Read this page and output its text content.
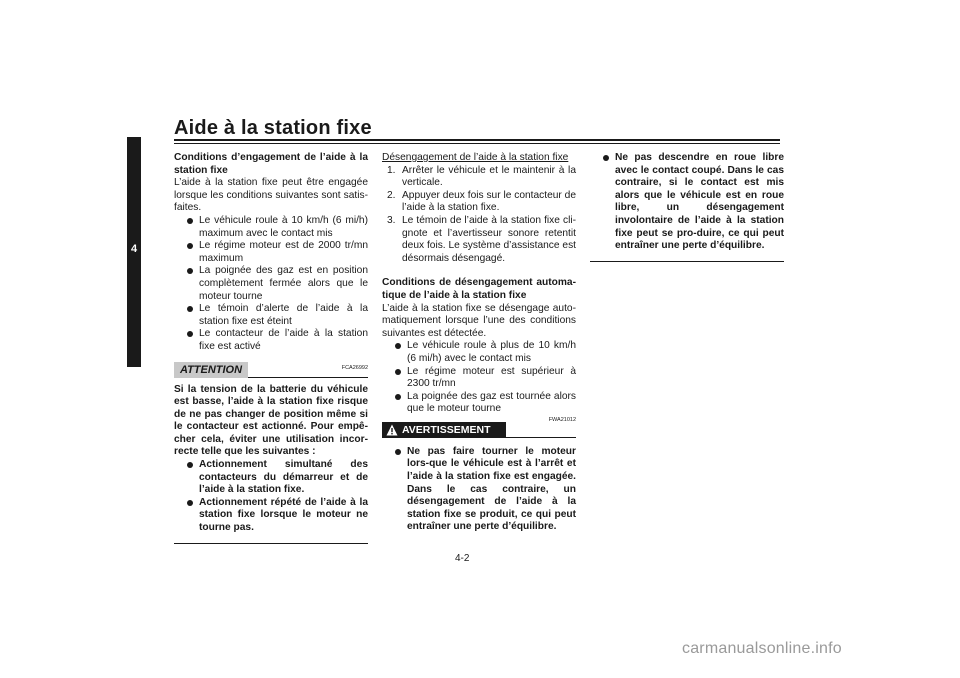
Aide à la station fixe
4

Conditions d’engagement de l’aide à la station fixe

L’aide à la station fixe peut être engagée lorsque les conditions suivantes sont satis-faites.

Le véhicule roule à 10 km/h (6 mi/h) maximum avec le contact mis
Le régime moteur est de 2000 tr/mn maximum
La poignée des gaz est en position complètement fermée alors que le moteur tourne
Le témoin d’alerte de l’aide à la station fixe est éteint
Le contacteur de l’aide à la station fixe est activé
ATTENTION	FCA26992

Si la tension de la batterie du véhicule est basse, l’aide à la station fixe risque de ne pas changer de position même si le contacteur est actionné. Pour empê-cher cela, éviter une utilisation incor-recte telle que les suivantes :

Actionnement simultané des contacteurs du démarreur et de l’aide à la station fixe.
Actionnement répété de l’aide à la station fixe lorsque le moteur ne tourne pas.

Désengagement de l’aide à la station fixe

1. Arrêter le véhicule et le maintenir à la verticale.
2. Appuyer deux fois sur le contacteur de l’aide à la station fixe.
3. Le témoin de l’aide à la station fixe cli-gnote et l’avertisseur sonore retentit deux fois. Le système d’assistance est désormais désengagé.

Conditions de désengagement automa-tique de l’aide à la station fixe

L’aide à la station fixe se désengage auto-matiquement lorsque l’une des conditions suivantes est détectée.

Le véhicule roule à plus de 10 km/h (6 mi/h) avec le contact mis
Le régime moteur est supérieur à 2300 tr/mn
La poignée des gaz est tournée alors que le moteur tourne
AVERTISSEMENT
FWA21012
Ne pas faire tourner le moteur lors-que le véhicule est à l’arrêt et l’aide à la station fixe est engagée. Dans le cas contraire, un désengagement de l’aide à la station fixe se produit, ce qui peut entraîner une perte d’équilibre.
Ne pas descendre en roue libre avec le contact coupé. Dans le cas contraire, si le contact est mis alors que le véhicule est en roue libre, un désengagement involontaire de l’aide à la station fixe peut se pro-duire, ce qui peut entraîner une perte d’équilibre.
4-2
carmanualsonline.info
